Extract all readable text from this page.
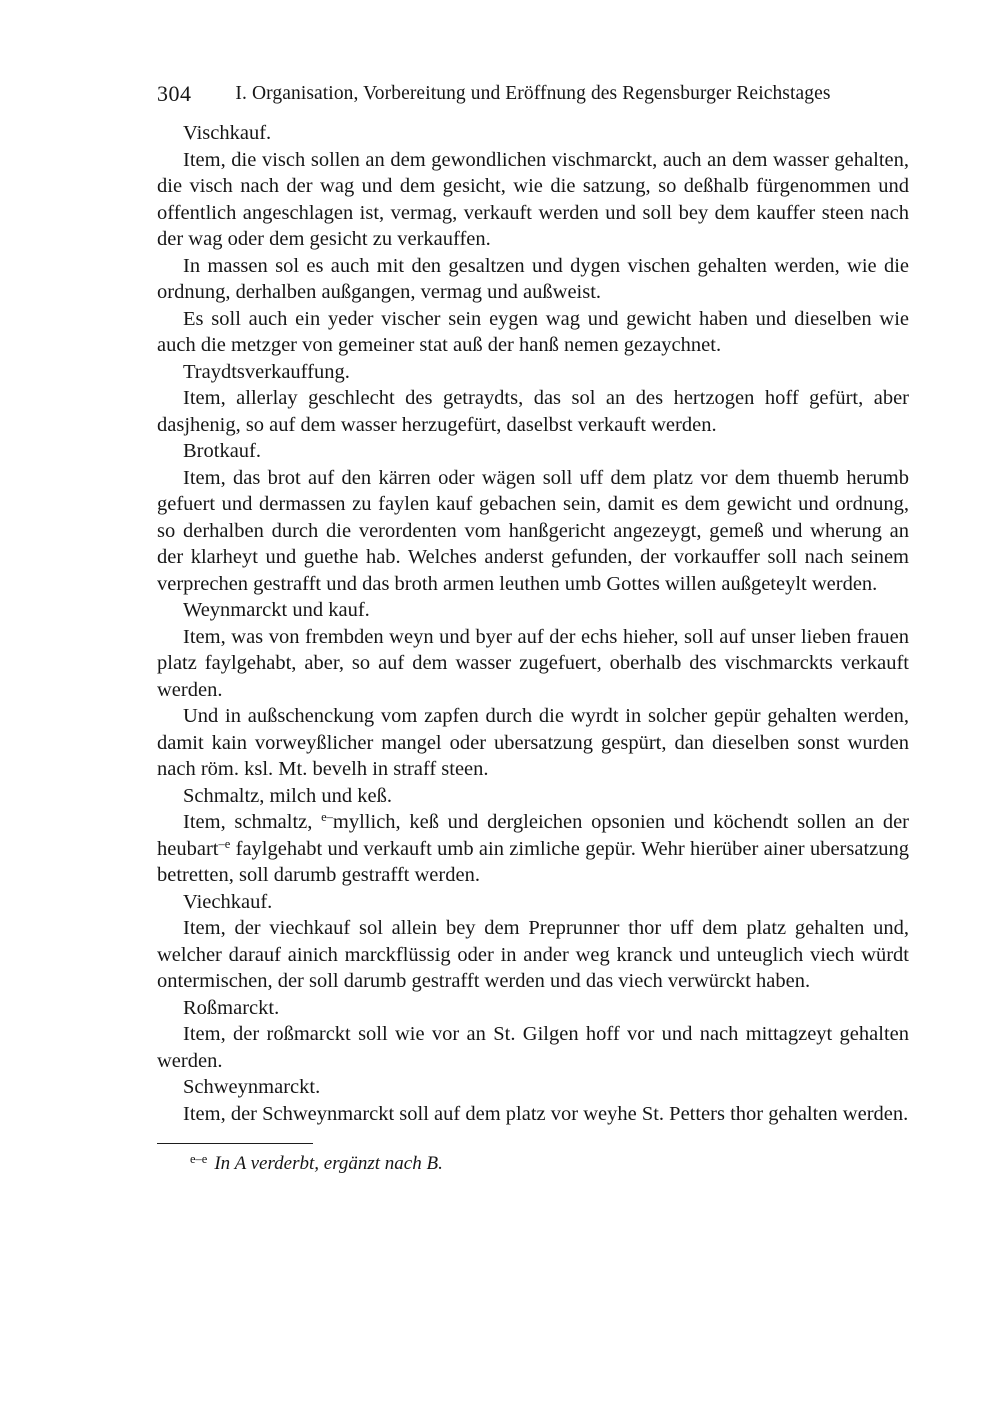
304	I. Organisation, Vorbereitung und Eröffnung des Regensburger Reichstages

Vischkauf.

Item, die visch sollen an dem gewondlichen vischmarckt, auch an dem wasser gehalten, die visch nach der wag und dem gesicht, wie die satzung, so deßhalb fürgenommen und offentlich angeschlagen ist, vermag, verkauft werden und soll bey dem kauffer steen nach der wag oder dem gesicht zu verkauffen.

In massen sol es auch mit den gesaltzen und dygen vischen gehalten werden, wie die ordnung, derhalben außgangen, vermag und außweist.

Es soll auch ein yeder vischer sein eygen wag und gewicht haben und dieselben wie auch die metzger von gemeiner stat auß der hanß nemen gezaychnet.

Traydtsverkauffung.

Item, allerlay geschlecht des getraydts, das sol an des hertzogen hoff gefürt, aber dasjhenig, so auf dem wasser herzugefürt, daselbst verkauft werden.

Brotkauf.

Item, das brot auf den kärren oder wägen soll uff dem platz vor dem thuemb herumb gefuert und dermassen zu faylen kauf gebachen sein, damit es dem gewicht und ordnung, so derhalben durch die verordenten vom hanßgericht angezeygt, gemeß und wherung an der klarheyt und guethe hab. Welches anderst gefunden, der vorkauffer soll nach seinem verprechen gestrafft und das broth armen leuthen umb Gottes willen außgeteylt werden.

Weynmarckt und kauf.

Item, was von frembden weyn und byer auf der echs hieher, soll auf unser lieben frauen platz faylgehabt, aber, so auf dem wasser zugefuert, oberhalb des vischmarckts verkauft werden.

Und in außschenckung vom zapfen durch die wyrdt in solcher gepür gehalten werden, damit kain vorweyßlicher mangel oder ubersatzung gespürt, dan dieselben sonst wurden nach röm. ksl. Mt. bevelh in straff steen.

Schmaltz, milch und keß.

Item, schmaltz, $^{e-}$myllich, keß und dergleichen opsonien und köchendt sollen an der heubart$^{-e}$ faylgehabt und verkauft umb ain zimliche gepür. Wehr hierüber ainer ubersatzung betretten, soll darumb gestrafft werden.

Viechkauf.

Item, der viechkauf sol allein bey dem Preprunner thor uff dem platz gehalten und, welcher darauf ainich marckflüssig oder in ander weg kranck und unteuglich viech würdt ontermischen, der soll darumb gestrafft werden und das viech verwürckt haben.

Roßmarckt.

Item, der roßmarckt soll wie vor an St. Gilgen hoff vor und nach mittagzeyt gehalten werden.

Schweynmarckt.

Item, der Schweynmarckt soll auf dem platz vor weyhe St. Petters thor gehalten werden.

$^{e-e}$ In A verderbt, ergänzt nach B.
